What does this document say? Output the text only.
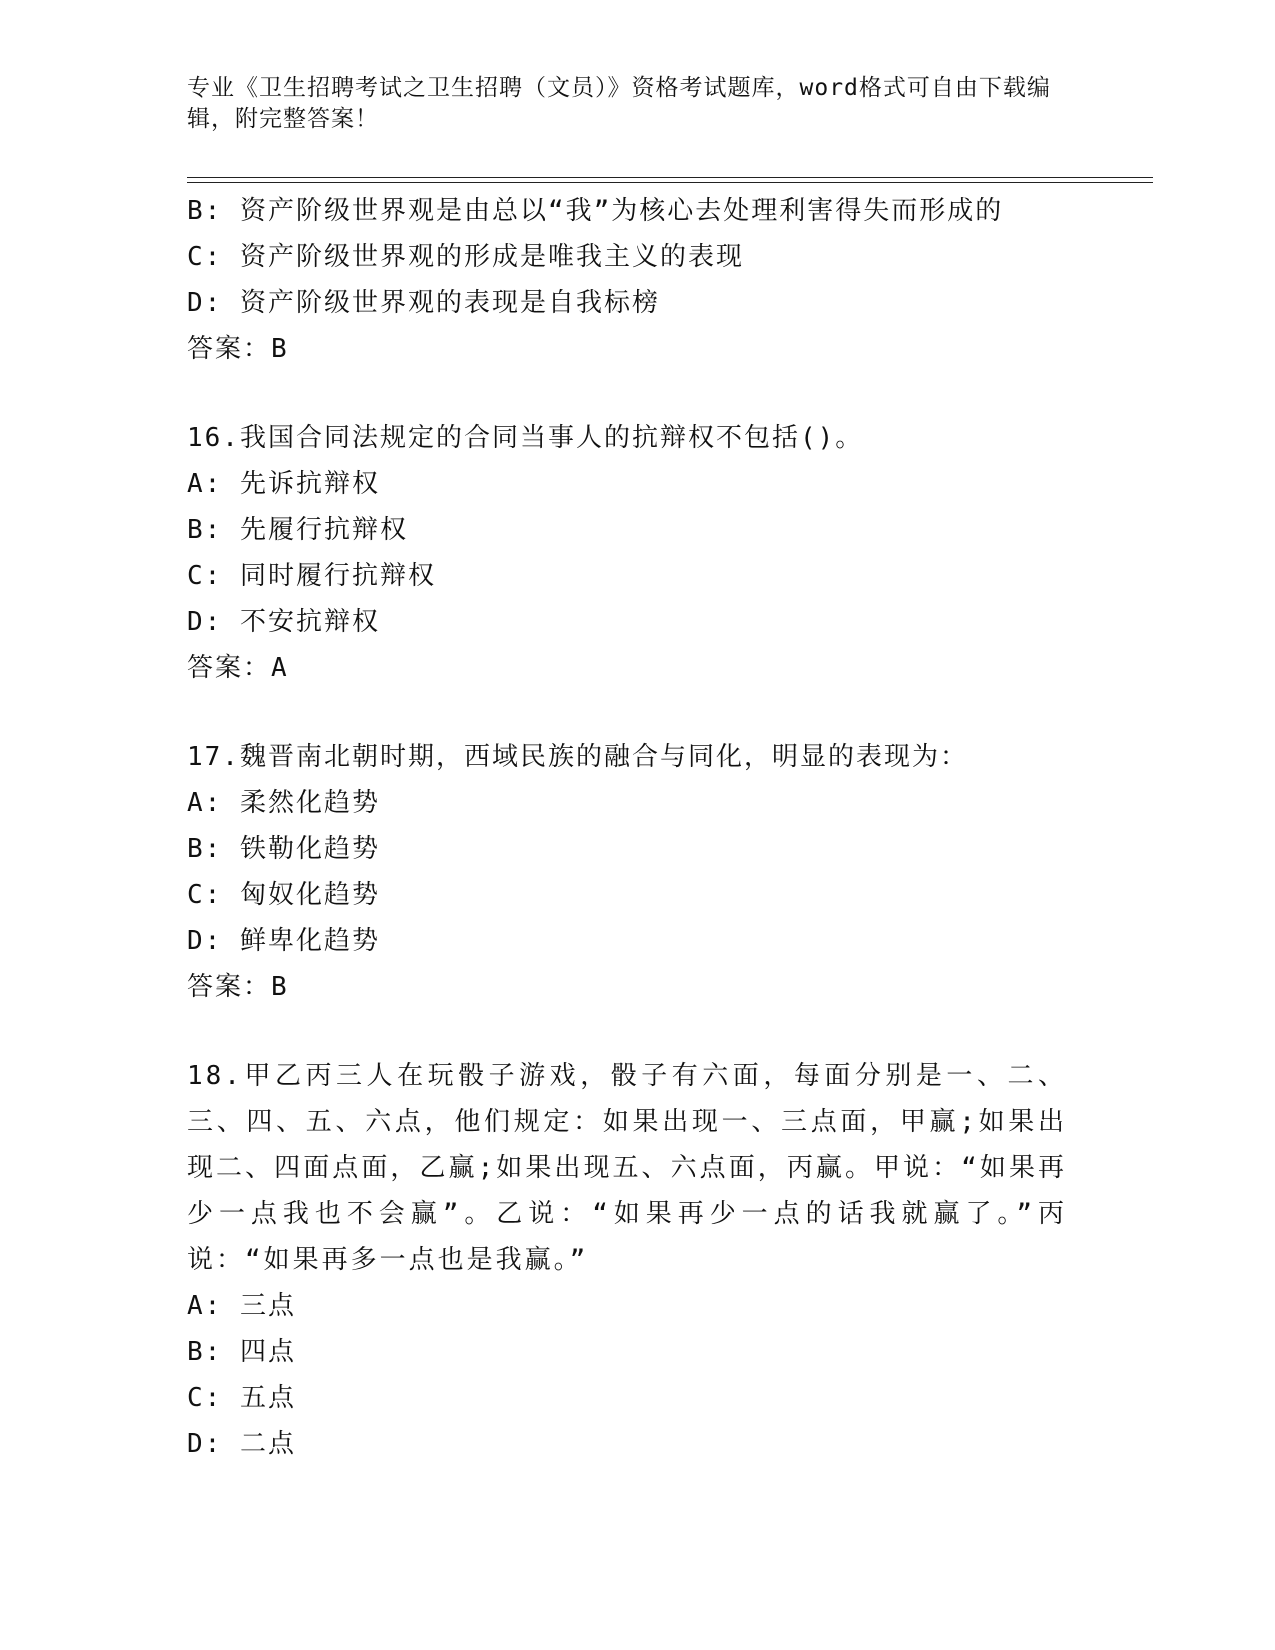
专业《卫生招聘考试之卫生招聘（文员）》资格考试题库，word格式可自由下载编辑，附完整答案！
B: 资产阶级世界观是由总以“我”为核心去处理利害得失而形成的
C: 资产阶级世界观的形成是唯我主义的表现
D: 资产阶级世界观的表现是自我标榜
答案：B
16.我国合同法规定的合同当事人的抗辩权不包括()。
A: 先诉抗辩权
B: 先履行抗辩权
C: 同时履行抗辩权
D: 不安抗辩权
答案：A
17.魏晋南北朝时期，西域民族的融合与同化，明显的表现为：
A: 柔然化趋势
B: 铁勒化趋势
C: 匈奴化趋势
D: 鲜卑化趋势
答案：B
18.甲乙丙三人在玩骰子游戏，骰子有六面，每面分别是一、二、三、四、五、六点，他们规定：如果出现一、三点面，甲赢;如果出现二、四面点面，乙赢;如果出现五、六点面，丙赢。甲说：“如果再少一点我也不会赢”。乙说：“如果再少一点的话我就赢了。”丙说：“如果再多一点也是我赢。”
A: 三点
B: 四点
C: 五点
D: 二点
